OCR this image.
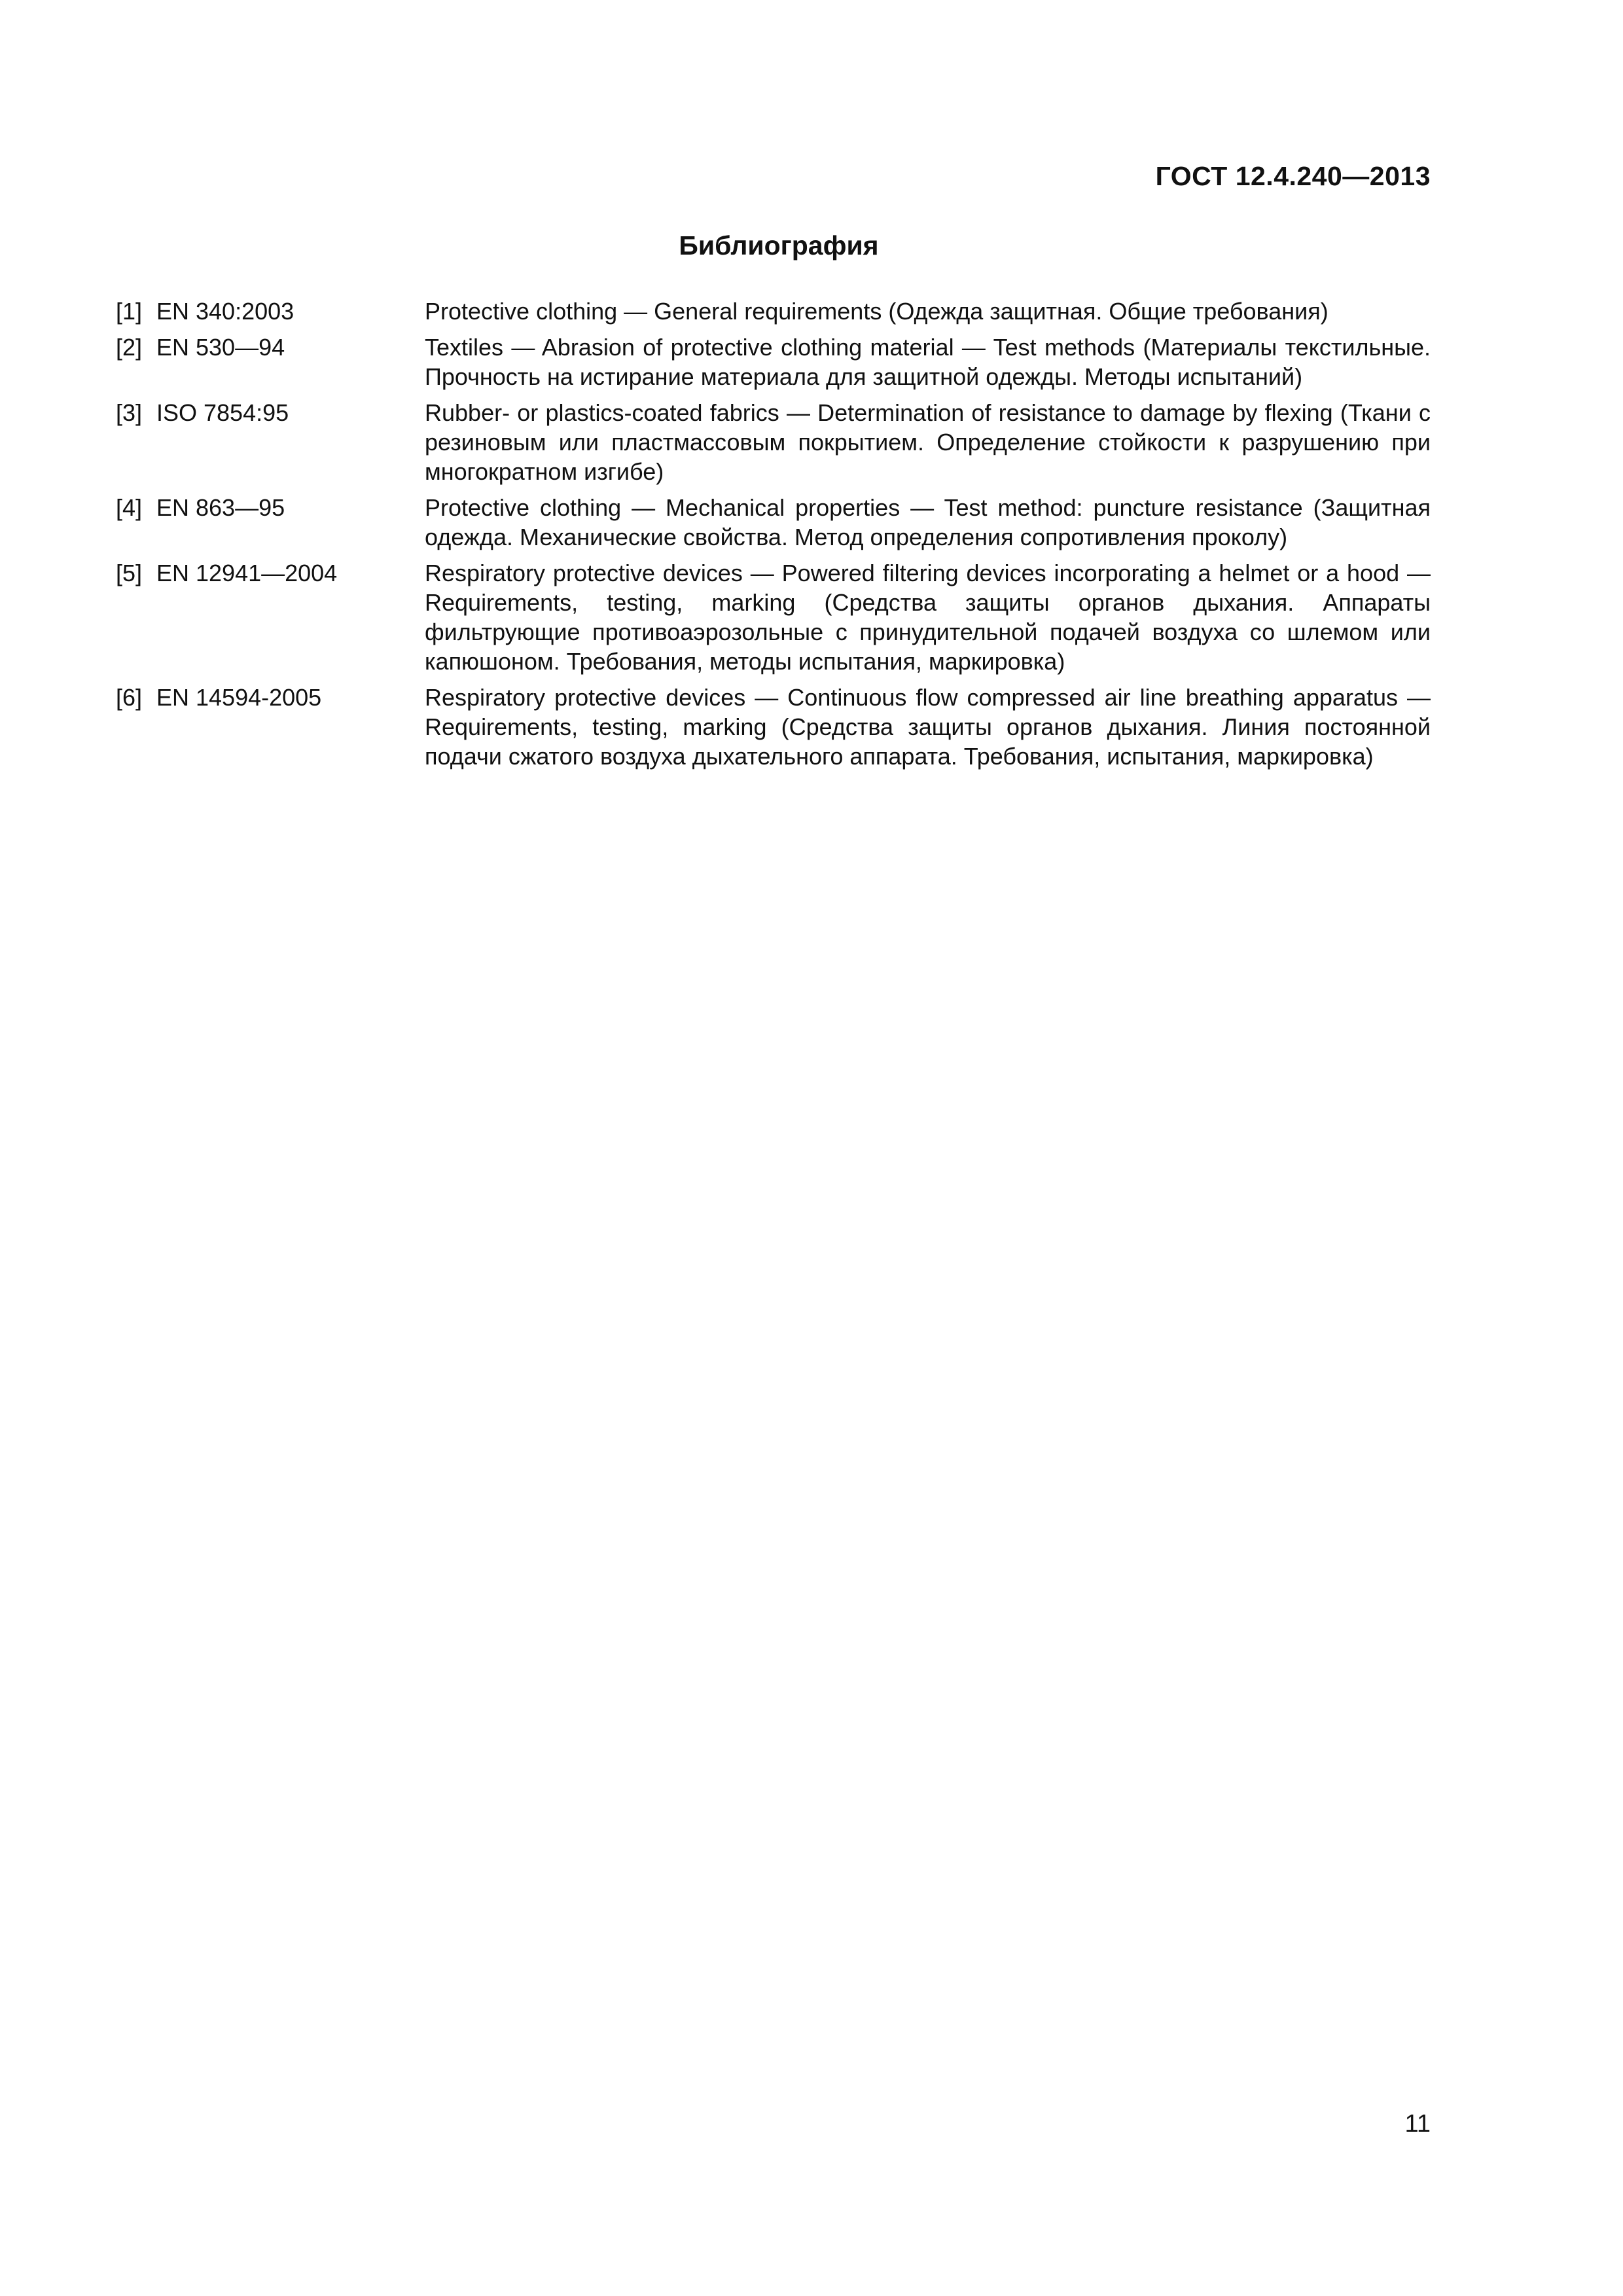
ГОСТ 12.4.240—2013
Библиография
[1] EN 340:2003	Protective clothing — General requirements (Одежда защитная. Общие требования)
[2] EN 530—94	Textiles — Abrasion of protective clothing material — Test methods (Материалы текстильные. Прочность на истирание материала для защитной одежды. Методы испытаний)
[3] ISO 7854:95	Rubber- or plastics-coated fabrics — Determination of resistance to damage by flexing (Ткани с резиновым или пластмассовым покрытием. Определение стойкости к разрушению при многократном изгибе)
[4] EN 863—95	Protective clothing — Mechanical properties — Test method: puncture resistance (Защитная одежда. Механические свойства. Метод определения сопротивления проколу)
[5] EN 12941—2004	Respiratory protective devices — Powered filtering devices incorporating a helmet or a hood — Requirements, testing, marking (Средства защиты органов дыхания. Аппараты фильтрующие противоаэрозольные с принудительной подачей воздуха со шлемом или капюшоном. Требования, методы испытания, маркировка)
[6] EN 14594-2005	Respiratory protective devices — Continuous flow compressed air line breathing apparatus — Requirements, testing, marking (Средства защиты органов дыхания. Линия постоянной подачи сжатого воздуха дыхательного аппарата. Требования, испытания, маркировка)
11
